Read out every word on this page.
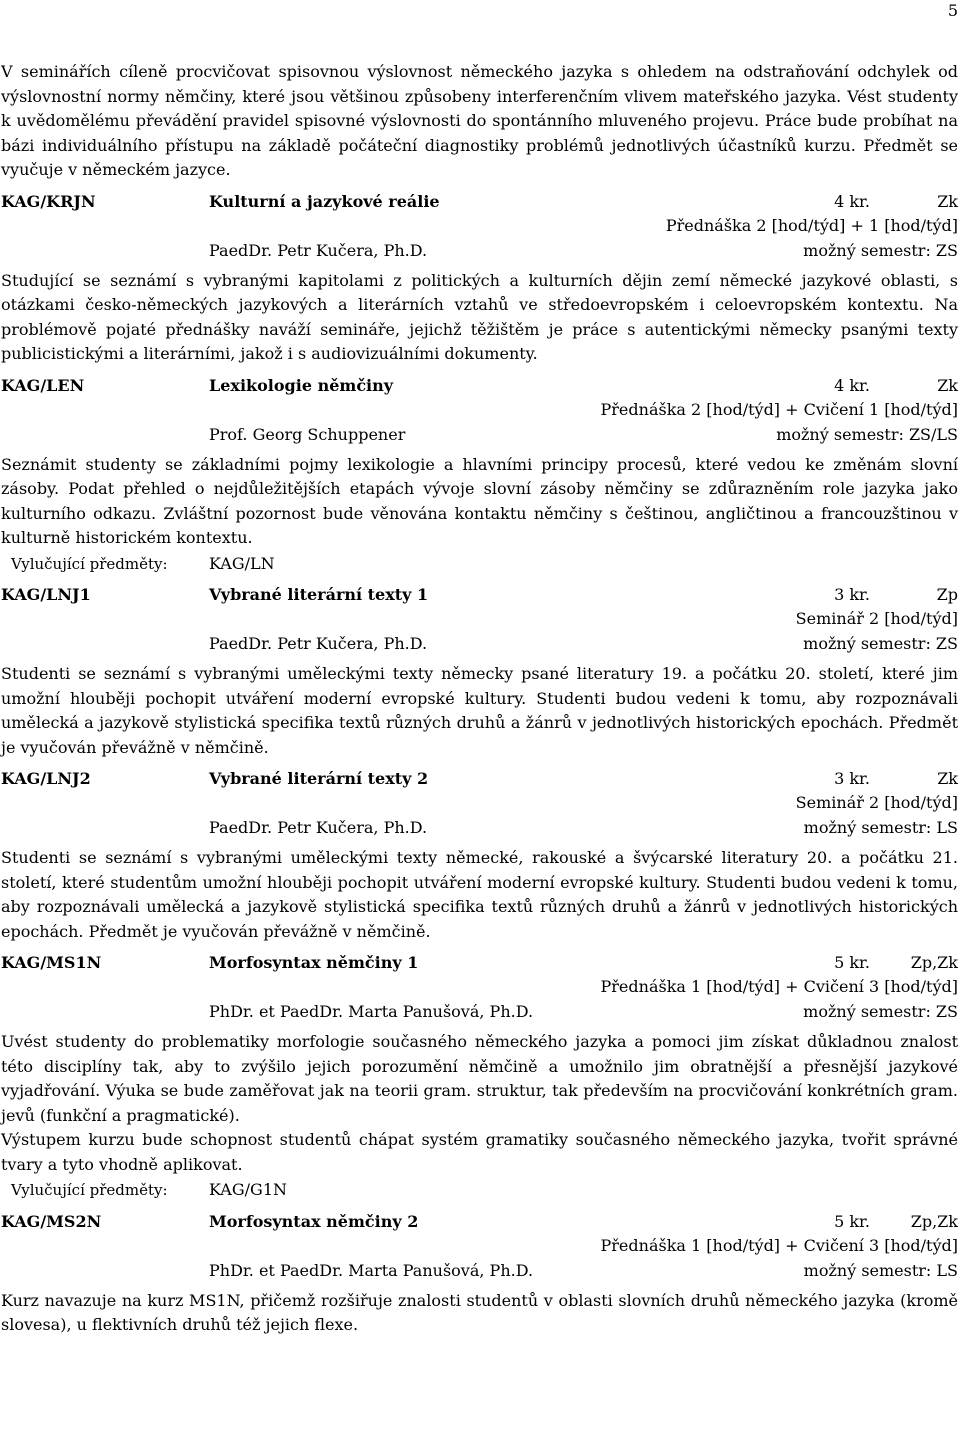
5

V seminářích cíleně procvičovat spisovnou výslovnost německého jazyka s ohledem na odstraňování odchylek od výslovnostní normy němčiny, které jsou většinou způsobeny interferenčním vlivem mateřského jazyka. Vést studenty k uvědomělému převádění pravidel spisovné výslovnosti do spontánního mluveného projevu. Práce bude probíhat na bázi individuálního přístupu na základě počáteční diagnostiky problémů jednotlivých účastníků kurzu. Předmět se vyučuje v německém jazyce.

KAG/KRJN	Kulturní a jazykové reálie	4 kr.	Zk
Přednáška 2 [hod/týd] + 1 [hod/týd]
PaedDr. Petr Kučera, Ph.D.	možný semestr: ZS

Studující se seznámí s vybranými kapitolami z politických a kulturních dějin zemí německé jazykové oblasti, s otázkami česko-německých jazykových a literárních vztahů ve středoevropském i celoevropském kontextu. Na problémově pojaté přednášky naváží semináře, jejichž těžištěm je práce s autentickými německy psanými texty publicistickými a literárními, jakož i s audiovizuálními dokumenty.

KAG/LEN	Lexikologie němčiny	4 kr.	Zk
Přednáška 2 [hod/týd] + Cvičení 1 [hod/týd]
Prof. Georg Schuppener	možný semestr: ZS/LS

Seznámit studenty se základními pojmy lexikologie a hlavními principy procesů, které vedou ke změnám slovní zásoby. Podat přehled o nejdůležitějších etapách vývoje slovní zásoby němčiny se zdůrazněním role jazyka jako kulturního odkazu. Zvláštní pozornost bude věnována kontaktu němčiny s češtinou, angličtinou a francouzštinou v kulturně historickém kontextu.

Vylučující předměty:	KAG/LN
KAG/LNJ1	Vybrané literární texty 1	3 kr.	Zp
Seminář 2 [hod/týd]
PaedDr. Petr Kučera, Ph.D.	možný semestr: ZS

Studenti se seznámí s vybranými uměleckými texty německy psané literatury 19. a počátku 20. století, které jim umožní hlouběji pochopit utváření moderní evropské kultury. Studenti budou vedeni k tomu, aby rozpoznávali umělecká a jazykově stylistická specifika textů různých druhů a žánrů v jednotlivých historických epochách. Předmět je vyučován převážně v němčině.

KAG/LNJ2	Vybrané literární texty 2	3 kr.	Zk
Seminář 2 [hod/týd]
PaedDr. Petr Kučera, Ph.D.	možný semestr: LS

Studenti se seznámí s vybranými uměleckými texty německé, rakouské a švýcarské literatury 20. a počátku 21. století, které studentům umožní hlouběji pochopit utváření moderní evropské kultury. Studenti budou vedeni k tomu, aby rozpoznávali umělecká a jazykově stylistická specifika textů různých druhů a žánrů v jednotlivých historických epochách. Předmět je vyučován převážně v němčině.

KAG/MS1N	Morfosyntax němčiny 1	5 kr.	Zp,Zk
Přednáška 1 [hod/týd] + Cvičení 3 [hod/týd]
PhDr. et PaedDr. Marta Panušová, Ph.D.	možný semestr: ZS

Uvést studenty do problematiky morfologie současného německého jazyka a pomoci jim získat důkladnou znalost této disciplíny tak, aby to zvýšilo jejich porozumění němčině a umožnilo jim obratnější a přesnější jazykové vyjadřování. Výuka se bude zaměřovat jak na teorii gram. struktur, tak především na procvičování konkrétních gram. jevů (funkční a pragmatické).

Výstupem kurzu bude schopnost studentů chápat systém gramatiky současného německého jazyka, tvořit správné tvary a tyto vhodně aplikovat.

Vylučující předměty:	KAG/G1N
KAG/MS2N	Morfosyntax němčiny 2	5 kr.	Zp,Zk
Přednáška 1 [hod/týd] + Cvičení 3 [hod/týd]
PhDr. et PaedDr. Marta Panušová, Ph.D.	možný semestr: LS

Kurz navazuje na kurz MS1N, přičemž rozšiřuje znalosti studentů v oblasti slovních druhů německého jazyka (kromě slovesa), u flektivních druhů též jejich flexe.
